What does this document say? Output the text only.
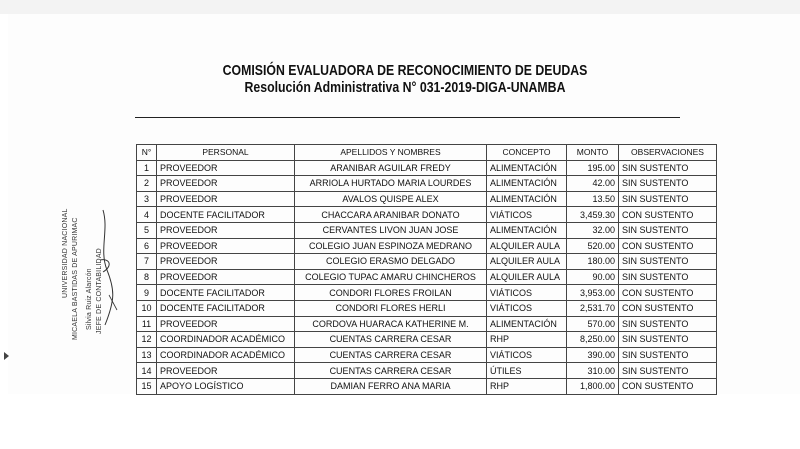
COMISIÓN EVALUADORA DE RECONOCIMIENTO DE DEUDAS
Resolución Administrativa N° 031-2019-DIGA-UNAMBA
UNIVERSIDAD NACIONAL MICAELA BASTIDAS DE APURIMAC Silvia Ruiz Alarcón JEFE DE CONTABILIDAD
N°	PERSONAL	APELLIDOS Y NOMBRES	CONCEPTO	MONTO	OBSERVACIONES
1	PROVEEDOR	ARANIBAR AGUILAR FREDY	ALIMENTACIÓN	195.00	SIN SUSTENTO
2	PROVEEDOR	ARRIOLA HURTADO MARIA LOURDES	ALIMENTACIÓN	42.00	SIN SUSTENTO
3	PROVEEDOR	AVALOS QUISPE ALEX	ALIMENTACIÓN	13.50	SIN SUSTENTO
4	DOCENTE FACILITADOR	CHACCARA ARANIBAR DONATO	VIÁTICOS	3,459.30	CON SUSTENTO
5	PROVEEDOR	CERVANTES LIVON JUAN JOSE	ALIMENTACIÓN	32.00	SIN SUSTENTO
6	PROVEEDOR	COLEGIO JUAN ESPINOZA MEDRANO	ALQUILER AULA	520.00	CON SUSTENTO
7	PROVEEDOR	COLEGIO ERASMO DELGADO	ALQUILER AULA	180.00	SIN SUSTENTO
8	PROVEEDOR	COLEGIO TUPAC AMARU CHINCHEROS	ALQUILER AULA	90.00	SIN SUSTENTO
9	DOCENTE FACILITADOR	CONDORI FLORES FROILAN	VIÁTICOS	3,953.00	CON SUSTENTO
10	DOCENTE FACILITADOR	CONDORI FLORES HERLI	VIÁTICOS	2,531.70	CON SUSTENTO
11	PROVEEDOR	CORDOVA HUARACA KATHERINE M.	ALIMENTACIÓN	570.00	SIN SUSTENTO
12	COORDINADOR ACADÉMICO	CUENTAS CARRERA CESAR	RHP	8,250.00	SIN SUSTENTO
13	COORDINADOR ACADÉMICO	CUENTAS CARRERA CESAR	VIÁTICOS	390.00	SIN SUSTENTO
14	PROVEEDOR	CUENTAS CARRERA CESAR	ÚTILES	310.00	SIN SUSTENTO
15	APOYO LOGÍSTICO	DAMIAN FERRO ANA MARIA	RHP	1,800.00	CON SUSTENTO
